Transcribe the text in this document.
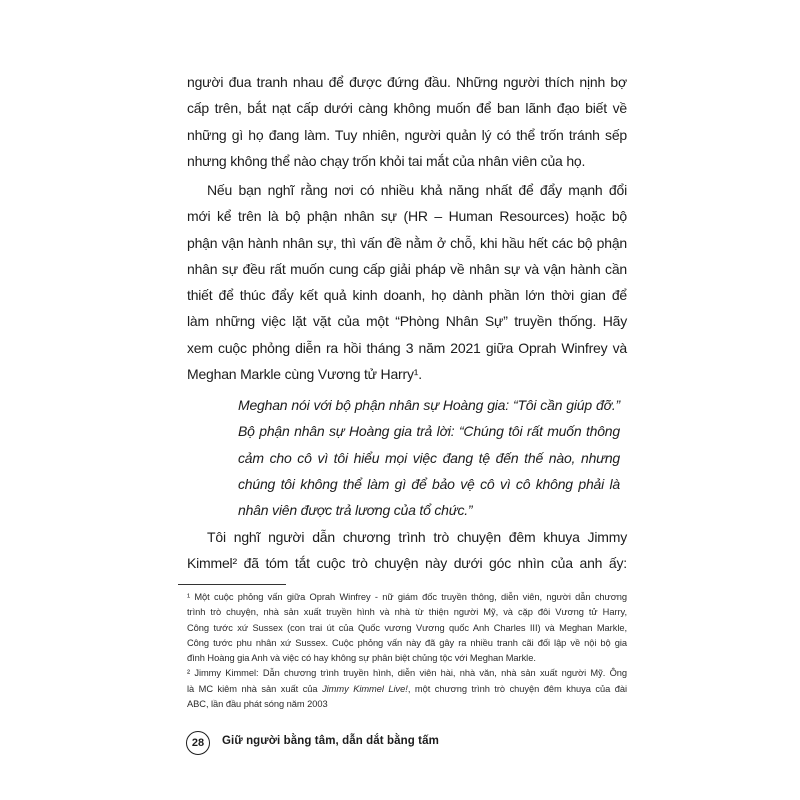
người đua tranh nhau để được đứng đầu. Những người thích nịnh bợ
cấp trên, bắt nạt cấp dưới càng không muốn để ban lãnh đạo biết về
những gì họ đang làm. Tuy nhiên, người quản lý có thể trốn tránh sếp
nhưng không thể nào chạy trốn khỏi tai mắt của nhân viên của họ.
Nếu bạn nghĩ rằng nơi có nhiều khả năng nhất để đẩy mạnh đổi
mới kể trên là bộ phận nhân sự (HR – Human Resources) hoặc bộ
phận vận hành nhân sự, thì vấn đề nằm ở chỗ, khi hầu hết các bộ phận
nhân sự đều rất muốn cung cấp giải pháp về nhân sự và vận hành cần
thiết để thúc đẩy kết quả kinh doanh, họ dành phần lớn thời gian để
làm những việc lặt vặt của một “Phòng Nhân Sự” truyền thống. Hãy
xem cuộc phỏng diễn ra hồi tháng 3 năm 2021 giữa Oprah Winfrey và
Meghan Markle cùng Vương tử Harry¹.
Meghan nói với bộ phận nhân sự Hoàng gia: “Tôi cần giúp đỡ.”
Bộ phận nhân sự Hoàng gia trả lời: “Chúng tôi rất muốn thông
cảm cho cô vì tôi hiểu mọi việc đang tệ đến thế nào, nhưng
chúng tôi không thể làm gì để bảo vệ cô vì cô không phải là
nhân viên được trả lương của tổ chức.”
Tôi nghĩ người dẫn chương trình trò chuyện đêm khuya Jimmy
Kimmel² đã tóm tắt cuộc trò chuyện này dưới góc nhìn của anh ấy:
¹ Một cuộc phỏng vấn giữa Oprah Winfrey - nữ giám đốc truyền thông, diễn viên, người dẫn chương
trình trò chuyện, nhà sản xuất truyền hình và nhà từ thiện người Mỹ, và cặp đôi Vương tử Harry,
Công tước xứ Sussex (con trai út của Quốc vương Vương quốc Anh Charles III) và Meghan Markle,
Công tước phu nhân xứ Sussex. Cuộc phỏng vấn này đã gây ra nhiều tranh cãi đối lập về nội bộ gia
đình Hoàng gia Anh và việc có hay không sự phân biệt chủng tộc với Meghan Markle.
² Jimmy Kimmel: Dẫn chương trình truyền hình, diễn viên hài, nhà văn, nhà sản xuất người Mỹ. Ông
là MC kiêm nhà sản xuất của Jimmy Kimmel Live!, một chương trình trò chuyện đêm khuya của đài
ABC, lần đầu phát sóng năm 2003
28	Giữ người bằng tâm, dẫn dắt bằng tấm
